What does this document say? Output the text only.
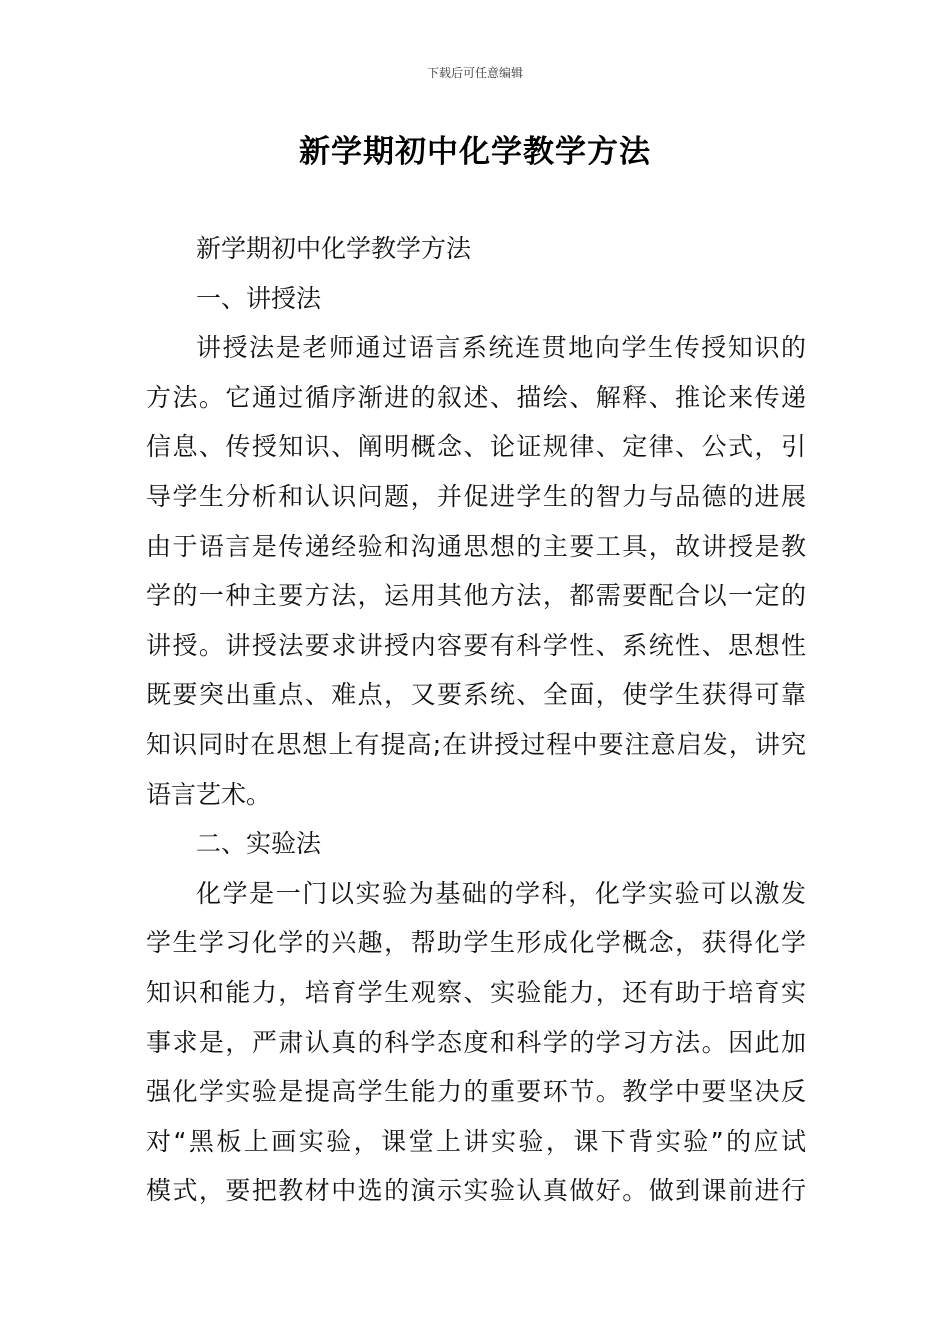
下载后可任意编辑
新学期初中化学教学方法
新学期初中化学教学方法
一、讲授法
讲授法是老师通过语言系统连贯地向学生传授知识的
方法。它通过循序渐进的叙述、描绘、解释、推论来传递
信息、传授知识、阐明概念、论证规律、定律、公式，引
导学生分析和认识问题，并促进学生的智力与品德的进展
由于语言是传递经验和沟通思想的主要工具，故讲授是教
学的一种主要方法，运用其他方法，都需要配合以一定的
讲授。讲授法要求讲授内容要有科学性、系统性、思想性
既要突出重点、难点，又要系统、全面，使学生获得可靠
知识同时在思想上有提高;在讲授过程中要注意启发，讲究
语言艺术。
二、实验法
化学是一门以实验为基础的学科，化学实验可以激发
学生学习化学的兴趣，帮助学生形成化学概念，获得化学
知识和能力，培育学生观察、实验能力，还有助于培育实
事求是，严肃认真的科学态度和科学的学习方法。因此加
强化学实验是提高学生能力的重要环节。教学中要坚决反
对“黑板上画实验，课堂上讲实验，课下背实验”的应试
模式，要把教材中选的演示实验认真做好。做到课前进行
